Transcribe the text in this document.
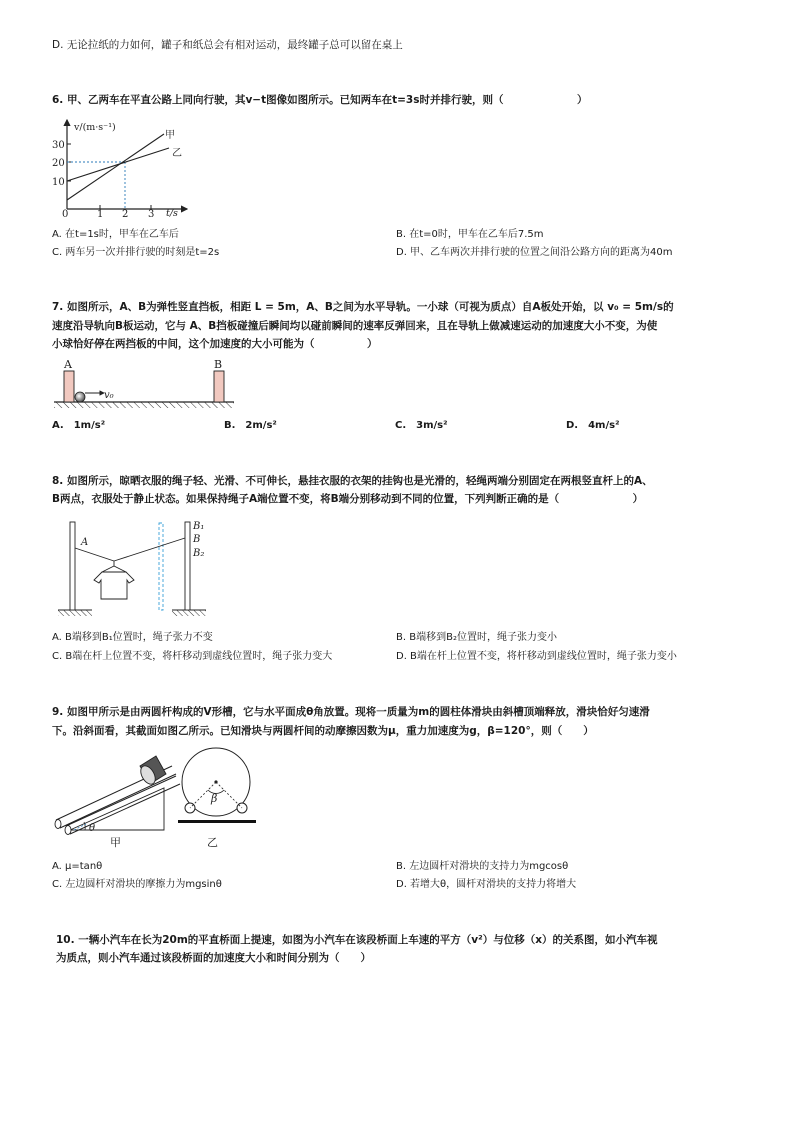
D. 无论拉纸的力如何，罐子和纸总会有相对运动，最终罐子总可以留在桌上
6. 甲、乙两车在平直公路上同向行驶，其v−t图像如图所示。已知两车在t=3s时并排行驶，则（　　　　　　　）
v/(m·s⁻¹)
t/s
0
10
20
30
1 2 3
甲
乙
A. 在t=1s时，甲车在乙车后	B. 在t=0时，甲车在乙车后7.5m
C. 两车另一次并排行驶的时刻是t=2s	D. 甲、乙车两次并排行驶的位置之间沿公路方向的距离为40m
7. 如图所示，A、B为弹性竖直挡板，相距 L = 5m，A、B之间为水平导轨。一小球（可视为质点）自A板处开始，以 v₀ = 5m/s的
速度沿导轨向B板运动，它与 A、B挡板碰撞后瞬间均以碰前瞬间的速率反弹回来，且在导轨上做减速运动的加速度大小不变，为使
小球恰好停在两挡板的中间，这个加速度的大小可能为（　　　　　）
A	B
v₀
A.　1m/s²	B.　2m/s²	C.　3m/s²	D.　4m/s²
8. 如图所示，晾晒衣服的绳子轻、光滑、不可伸长，悬挂衣服的衣架的挂钩也是光滑的，轻绳两端分别固定在两根竖直杆上的A、
B两点，衣服处于静止状态。如果保持绳子A端位置不变，将B端分别移动到不同的位置，下列判断正确的是（　　　　　　　）
A
B₁
B
B₂
A. B端移到B₁位置时，绳子张力不变	B. B端移到B₂位置时，绳子张力变小
C. B端在杆上位置不变，将杆移动到虚线位置时，绳子张力变大	D. B端在杆上位置不变，将杆移动到虚线位置时，绳子张力变小
9. 如图甲所示是由两圆杆构成的V形槽，它与水平面成θ角放置。现将一质量为m的圆柱体滑块由斜槽顶端释放，滑块恰好匀速滑
下。沿斜面看，其截面如图乙所示。已知滑块与两圆杆间的动摩擦因数为μ，重力加速度为g，β=120°，则（　　）
θ
甲
β
乙
A. μ=tanθ	B. 左边圆杆对滑块的支持力为mgcosθ
C. 左边圆杆对滑块的摩擦力为mgsinθ	D. 若增大θ，圆杆对滑块的支持力将增大
10. 一辆小汽车在长为20m的平直桥面上提速，如图为小汽车在该段桥面上车速的平方（v²）与位移（x）的关系图，如小汽车视
为质点，则小汽车通过该段桥面的加速度大小和时间分别为（　　）
